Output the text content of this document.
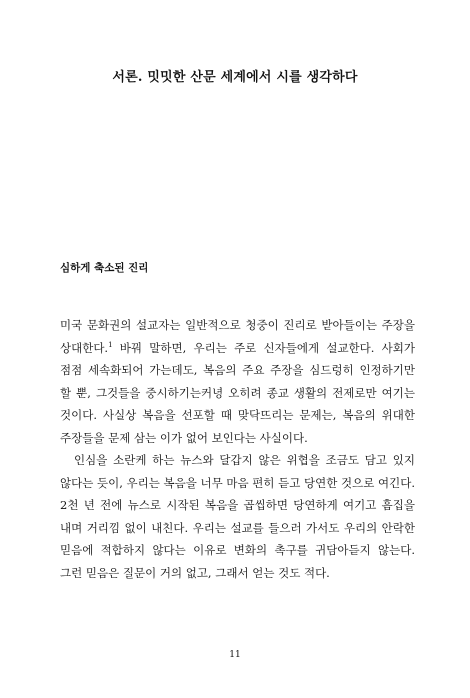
서론. 밋밋한 산문 세계에서 시를 생각하다
심하게 축소된 진리

미국 문화권의 설교자는 일반적으로 청중이 진리로 받아들이는 주장을 상대한다.$^1$ 바꿔 말하면, 우리는 주로 신자들에게 설교한다. 사회가 점점 세속화되어 가는데도, 복음의 주요 주장을 심드렁히 인정하기만 할 뿐, 그것들을 중시하기는커녕 오히려 종교 생활의 전제로만 여기는 것이다. 사실상 복음을 선포할 때 맞닥뜨리는 문제는, 복음의 위대한 주장들을 문제 삼는 이가 없어 보인다는 사실이다.

인심을 소란케 하는 뉴스와 달갑지 않은 위협을 조금도 담고 있지 않다는 듯이, 우리는 복음을 너무 마음 편히 듣고 당연한 것으로 여긴다. 2천 년 전에 뉴스로 시작된 복음을 곱씹하면 당연하게 여기고 흠집을 내며 거리낌 없이 내친다. 우리는 설교를 들으러 가서도 우리의 안락한 믿음에 적합하지 않다는 이유로 변화의 촉구를 귀담아듣지 않는다. 그런 믿음은 질문이 거의 없고, 그래서 얻는 것도 적다.

11
